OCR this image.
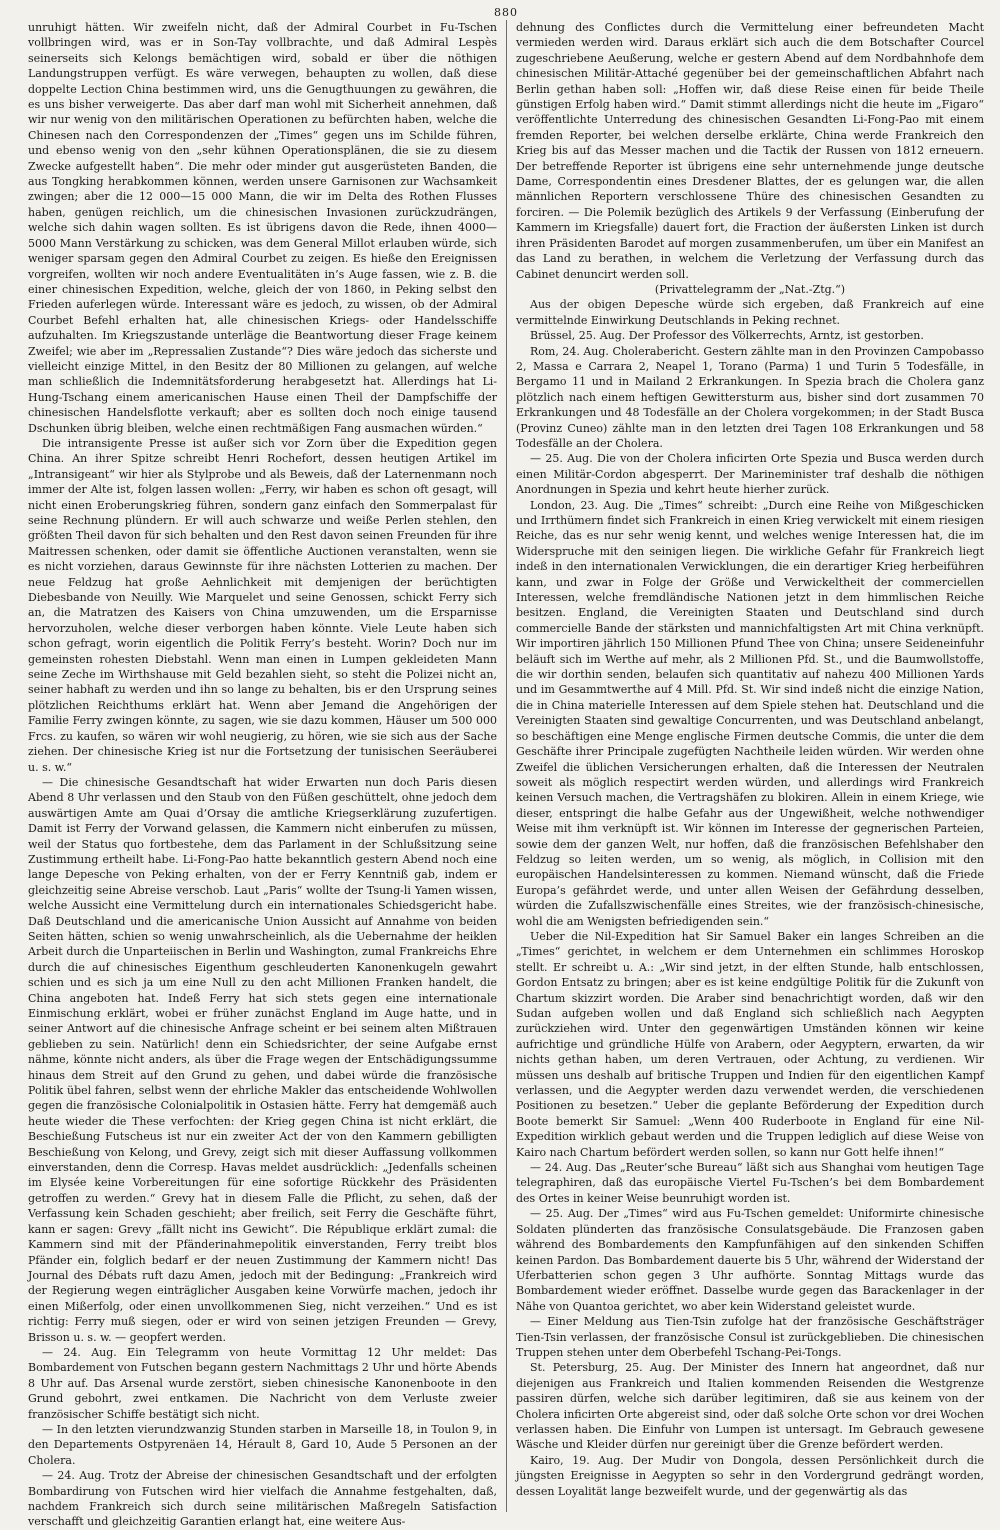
880

unruhigt hätten. Wir zweifeln nicht, daß der Admiral Courbet in Fu-Tschen vollbringen wird, was er in Son-Tay vollbrachte, und daß Admiral Lespès seinerseits sich Kelongs bemächtigen wird, sobald er über die nöthigen Landungstruppen verfügt. Es wäre verwegen, behaupten zu wollen, daß diese doppelte Lection China bestimmen wird, uns die Genugthuungen zu gewähren, die es uns bisher verweigerte. Das aber darf man wohl mit Sicherheit annehmen, daß wir nur wenig von den militärischen Operationen zu befürchten haben, welche die Chinesen nach den Correspondenzen der „Times“ gegen uns im Schilde führen, und ebenso wenig von den „sehr kühnen Operationsplänen, die sie zu diesem Zwecke aufgestellt haben“. Die mehr oder minder gut ausgerüsteten Banden, die aus Tongking herabkommen können, werden unsere Garnisonen zur Wachsamkeit zwingen; aber die 12 000—15 000 Mann, die wir im Delta des Rothen Flusses haben, genügen reichlich, um die chinesischen Invasionen zurückzudrängen, welche sich dahin wagen sollten. Es ist übrigens davon die Rede, ihnen 4000—5000 Mann Verstärkung zu schicken, was dem General Millot erlauben würde, sich weniger sparsam gegen den Admiral Courbet zu zeigen. Es hieße den Ereignissen vorgreifen, wollten wir noch andere Eventualitäten in’s Auge fassen, wie z. B. die einer chinesischen Expedition, welche, gleich der von 1860, in Peking selbst den Frieden auferlegen würde. Interessant wäre es jedoch, zu wissen, ob der Admiral Courbet Befehl erhalten hat, alle chinesischen Kriegs- oder Handelsschiffe aufzuhalten. Im Kriegszustande unterläge die Beantwortung dieser Frage keinem Zweifel; wie aber im „Repressalien Zustande“? Dies wäre jedoch das sicherste und vielleicht einzige Mittel, in den Besitz der 80 Millionen zu gelangen, auf welche man schließlich die Indemnitätsforderung herabgesetzt hat. Allerdings hat Li-Hung-Tschang einem americanischen Hause einen Theil der Dampfschiffe der chinesischen Handelsflotte verkauft; aber es sollten doch noch einige tausend Dschunken übrig bleiben, welche einen rechtmäßigen Fang ausmachen würden.“

Die intransigente Presse ist außer sich vor Zorn über die Expedition gegen China. An ihrer Spitze schreibt Henri Rochefort, dessen heutigen Artikel im „Intransigeant“ wir hier als Stylprobe und als Beweis, daß der Laternenmann noch immer der Alte ist, folgen lassen wollen: „Ferry, wir haben es schon oft gesagt, will nicht einen Eroberungskrieg führen, sondern ganz einfach den Sommerpalast für seine Rechnung plündern. Er will auch schwarze und weiße Perlen stehlen, den größten Theil davon für sich behalten und den Rest davon seinen Freunden für ihre Maitressen schenken, oder damit sie öffentliche Auctionen veranstalten, wenn sie es nicht vorziehen, daraus Gewinnste für ihre nächsten Lotterien zu machen. Der neue Feldzug hat große Aehnlichkeit mit demjenigen der berüchtigten Diebesbande von Neuilly. Wie Marquelet und seine Genossen, schickt Ferry sich an, die Matratzen des Kaisers von China umzuwenden, um die Ersparnisse hervorzuholen, welche dieser verborgen haben könnte. Viele Leute haben sich schon gefragt, worin eigentlich die Politik Ferry’s besteht. Worin? Doch nur im gemeinsten rohesten Diebstahl. Wenn man einen in Lumpen gekleideten Mann seine Zeche im Wirthshause mit Geld bezahlen sieht, so steht die Polizei nicht an, seiner habhaft zu werden und ihn so lange zu behalten, bis er den Ursprung seines plötzlichen Reichthums erklärt hat. Wenn aber Jemand die Angehörigen der Familie Ferry zwingen könnte, zu sagen, wie sie dazu kommen, Häuser um 500 000 Frcs. zu kaufen, so wären wir wohl neugierig, zu hören, wie sie sich aus der Sache ziehen. Der chinesische Krieg ist nur die Fortsetzung der tunisischen Seeräuberei u. s. w.“

— Die chinesische Gesandtschaft hat wider Erwarten nun doch Paris diesen Abend 8 Uhr verlassen und den Staub von den Füßen geschüttelt, ohne jedoch dem auswärtigen Amte am Quai d’Orsay die amtliche Kriegserklärung zuzufertigen. Damit ist Ferry der Vorwand gelassen, die Kammern nicht einberufen zu müssen, weil der Status quo fortbestehe, dem das Parlament in der Schlußsitzung seine Zustimmung ertheilt habe. Li-Fong-Pao hatte bekanntlich gestern Abend noch eine lange Depesche von Peking erhalten, von der er Ferry Kenntniß gab, indem er gleichzeitig seine Abreise verschob. Laut „Paris“ wollte der Tsung-li Yamen wissen, welche Aussicht eine Vermittelung durch ein internationales Schiedsgericht habe. Daß Deutschland und die americanische Union Aussicht auf Annahme von beiden Seiten hätten, schien so wenig unwahrscheinlich, als die Uebernahme der heiklen Arbeit durch die Unparteiischen in Berlin und Washington, zumal Frankreichs Ehre durch die auf chinesisches Eigenthum geschleuderten Kanonenkugeln gewahrt schien und es sich ja um eine Null zu den acht Millionen Franken handelt, die China angeboten hat. Indeß Ferry hat sich stets gegen eine internationale Einmischung erklärt, wobei er früher zunächst England im Auge hatte, und in seiner Antwort auf die chinesische Anfrage scheint er bei seinem alten Mißtrauen geblieben zu sein. Natürlich! denn ein Schiedsrichter, der seine Aufgabe ernst nähme, könnte nicht anders, als über die Frage wegen der Entschädigungssumme hinaus dem Streit auf den Grund zu gehen, und dabei würde die französische Politik übel fahren, selbst wenn der ehrliche Makler das entscheidende Wohlwollen gegen die französische Colonialpolitik in Ostasien hätte. Ferry hat demgemäß auch heute wieder die These verfochten: der Krieg gegen China ist nicht erklärt, die Beschießung Futscheus ist nur ein zweiter Act der von den Kammern gebilligten Beschießung von Kelong, und Grevy, zeigt sich mit dieser Auffassung vollkommen einverstanden, denn die Corresp. Havas meldet ausdrücklich: „Jedenfalls scheinen im Elysée keine Vorbereitungen für eine sofortige Rückkehr des Präsidenten getroffen zu werden.“ Grevy hat in diesem Falle die Pflicht, zu sehen, daß der Verfassung kein Schaden geschieht; aber freilich, seit Ferry die Geschäfte führt, kann er sagen: Grevy „fällt nicht ins Gewicht“. Die République erklärt zumal: die Kammern sind mit der Pfänderinahmepolitik einverstanden, Ferry treibt blos Pfänder ein, folglich bedarf er der neuen Zustimmung der Kammern nicht! Das Journal des Débats ruft dazu Amen, jedoch mit der Bedingung: „Frankreich wird der Regierung wegen einträglicher Ausgaben keine Vorwürfe machen, jedoch ihr einen Mißerfolg, oder einen unvollkommenen Sieg, nicht verzeihen.“ Und es ist richtig: Ferry muß siegen, oder er wird von seinen jetzigen Freunden — Grevy, Brisson u. s. w. — geopfert werden.

— 24. Aug. Ein Telegramm von heute Vormittag 12 Uhr meldet: Das Bombardement von Futschen begann gestern Nachmittags 2 Uhr und hörte Abends 8 Uhr auf. Das Arsenal wurde zerstört, sieben chinesische Kanonenboote in den Grund gebohrt, zwei entkamen. Die Nachricht von dem Verluste zweier französischer Schiffe bestätigt sich nicht.

— In den letzten vierundzwanzig Stunden starben in Marseille 18, in Toulon 9, in den Departements Ostpyrenäen 14, Hérault 8, Gard 10, Aude 5 Personen an der Cholera.

— 24. Aug. Trotz der Abreise der chinesischen Gesandtschaft und der erfolgten Bombardirung von Futschen wird hier vielfach die Annahme festgehalten, daß, nachdem Frankreich sich durch seine militärischen Maßregeln Satisfaction verschafft und gleichzeitig Garantien erlangt hat, eine weitere Aus-

dehnung des Conflictes durch die Vermittelung einer befreundeten Macht vermieden werden wird. Daraus erklärt sich auch die dem Botschafter Courcel zugeschriebene Aeußerung, welche er gestern Abend auf dem Nordbahnhofe dem chinesischen Militär-Attaché gegenüber bei der gemeinschaftlichen Abfahrt nach Berlin gethan haben soll: „Hoffen wir, daß diese Reise einen für beide Theile günstigen Erfolg haben wird.“ Damit stimmt allerdings nicht die heute im „Figaro“ veröffentlichte Unterredung des chinesischen Gesandten Li-Fong-Pao mit einem fremden Reporter, bei welchen derselbe erklärte, China werde Frankreich den Krieg bis auf das Messer machen und die Tactik der Russen von 1812 erneuern. Der betreffende Reporter ist übrigens eine sehr unternehmende junge deutsche Dame, Correspondentin eines Dresdener Blattes, der es gelungen war, die allen männlichen Reportern verschlossene Thüre des chinesischen Gesandten zu forciren. — Die Polemik bezüglich des Artikels 9 der Verfassung (Einberufung der Kammern im Kriegsfalle) dauert fort, die Fraction der äußersten Linken ist durch ihren Präsidenten Barodet auf morgen zusammenberufen, um über ein Manifest an das Land zu berathen, in welchem die Verletzung der Verfassung durch das Cabinet denuncirt werden soll.

(Privattelegramm der „Nat.-Ztg.“)

Aus der obigen Depesche würde sich ergeben, daß Frankreich auf eine vermittelnde Einwirkung Deutschlands in Peking rechnet.

Brüssel, 25. Aug. Der Professor des Völkerrechts, Arntz, ist gestorben.

Rom, 24. Aug. Cholerabericht. Gestern zählte man in den Provinzen Campobasso 2, Massa e Carrara 2, Neapel 1, Torano (Parma) 1 und Turin 5 Todesfälle, in Bergamo 11 und in Mailand 2 Erkrankungen. In Spezia brach die Cholera ganz plötzlich nach einem heftigen Gewittersturm aus, bisher sind dort zusammen 70 Erkrankungen und 48 Todesfälle an der Cholera vorgekommen; in der Stadt Busca (Provinz Cuneo) zählte man in den letzten drei Tagen 108 Erkrankungen und 58 Todesfälle an der Cholera.

— 25. Aug. Die von der Cholera inficirten Orte Spezia und Busca werden durch einen Militär-Cordon abgesperrt. Der Marineminister traf deshalb die nöthigen Anordnungen in Spezia und kehrt heute hierher zurück.

London, 23. Aug. Die „Times“ schreibt: „Durch eine Reihe von Mißgeschicken und Irrthümern findet sich Frankreich in einen Krieg verwickelt mit einem riesigen Reiche, das es nur sehr wenig kennt, und welches wenige Interessen hat, die im Widerspruche mit den seinigen liegen. Die wirkliche Gefahr für Frankreich liegt indeß in den internationalen Verwicklungen, die ein derartiger Krieg herbeiführen kann, und zwar in Folge der Größe und Verwickeltheit der commerciellen Interessen, welche fremdländische Nationen jetzt in dem himmlischen Reiche besitzen. England, die Vereinigten Staaten und Deutschland sind durch commercielle Bande der stärksten und mannichfaltigsten Art mit China verknüpft. Wir importiren jährlich 150 Millionen Pfund Thee von China; unsere Seideneinfuhr beläuft sich im Werthe auf mehr, als 2 Millionen Pfd. St., und die Baumwollstoffe, die wir dorthin senden, belaufen sich quantitativ auf nahezu 400 Millionen Yards und im Gesammtwerthe auf 4 Mill. Pfd. St. Wir sind indeß nicht die einzige Nation, die in China materielle Interessen auf dem Spiele stehen hat. Deutschland und die Vereinigten Staaten sind gewaltige Concurrenten, und was Deutschland anbelangt, so beschäftigen eine Menge englische Firmen deutsche Commis, die unter die dem Geschäfte ihrer Principale zugefügten Nachtheile leiden würden. Wir werden ohne Zweifel die üblichen Versicherungen erhalten, daß die Interessen der Neutralen soweit als möglich respectirt werden würden, und allerdings wird Frankreich keinen Versuch machen, die Vertragshäfen zu blokiren. Allein in einem Kriege, wie dieser, entspringt die halbe Gefahr aus der Ungewißheit, welche nothwendiger Weise mit ihm verknüpft ist. Wir können im Interesse der gegnerischen Parteien, sowie dem der ganzen Welt, nur hoffen, daß die französischen Befehlshaber den Feldzug so leiten werden, um so wenig, als möglich, in Collision mit den europäischen Handelsinteressen zu kommen. Niemand wünscht, daß die Friede Europa’s gefährdet werde, und unter allen Weisen der Gefährdung desselben, würden die Zufallszwischenfälle eines Streites, wie der französisch-chinesische, wohl die am Wenigsten befriedigenden sein.“

Ueber die Nil-Expedition hat Sir Samuel Baker ein langes Schreiben an die „Times“ gerichtet, in welchem er dem Unternehmen ein schlimmes Horoskop stellt. Er schreibt u. A.: „Wir sind jetzt, in der elften Stunde, halb entschlossen, Gordon Entsatz zu bringen; aber es ist keine endgültige Politik für die Zukunft von Chartum skizzirt worden. Die Araber sind benachrichtigt worden, daß wir den Sudan aufgeben wollen und daß England sich schließlich nach Aegypten zurückziehen wird. Unter den gegenwärtigen Umständen können wir keine aufrichtige und gründliche Hülfe von Arabern, oder Aegyptern, erwarten, da wir nichts gethan haben, um deren Vertrauen, oder Achtung, zu verdienen. Wir müssen uns deshalb auf britische Truppen und Indien für den eigentlichen Kampf verlassen, und die Aegypter werden dazu verwendet werden, die verschiedenen Positionen zu besetzen.“ Ueber die geplante Beförderung der Expedition durch Boote bemerkt Sir Samuel: „Wenn 400 Ruderboote in England für eine Nil-Expedition wirklich gebaut werden und die Truppen lediglich auf diese Weise von Kairo nach Chartum befördert werden sollen, so kann nur Gott helfe ihnen!“

— 24. Aug. Das „Reuter’sche Bureau“ läßt sich aus Shanghai vom heutigen Tage telegraphiren, daß das europäische Viertel Fu-Tschen’s bei dem Bombardement des Ortes in keiner Weise beunruhigt worden ist.

— 25. Aug. Der „Times“ wird aus Fu-Tschen gemeldet: Uniformirte chinesische Soldaten plünderten das französische Consulatsgebäude. Die Franzosen gaben während des Bombardements den Kampfunfähigen auf den sinkenden Schiffen keinen Pardon. Das Bombardement dauerte bis 5 Uhr, während der Widerstand der Uferbatterien schon gegen 3 Uhr aufhörte. Sonntag Mittags wurde das Bombardement wieder eröffnet. Dasselbe wurde gegen das Barackenlager in der Nähe von Quantoa gerichtet, wo aber kein Widerstand geleistet wurde.

— Einer Meldung aus Tien-Tsin zufolge hat der französische Geschäftsträger Tien-Tsin verlassen, der französische Consul ist zurückgeblieben. Die chinesischen Truppen stehen unter dem Oberbefehl Tschang-Pei-Tongs.

St. Petersburg, 25. Aug. Der Minister des Innern hat angeordnet, daß nur diejenigen aus Frankreich und Italien kommenden Reisenden die Westgrenze passiren dürfen, welche sich darüber legitimiren, daß sie aus keinem von der Cholera inficirten Orte abgereist sind, oder daß solche Orte schon vor drei Wochen verlassen haben. Die Einfuhr von Lumpen ist untersagt. Im Gebrauch gewesene Wäsche und Kleider dürfen nur gereinigt über die Grenze befördert werden.

Kairo, 19. Aug. Der Mudir von Dongola, dessen Persönlichkeit durch die jüngsten Ereignisse in Aegypten so sehr in den Vordergrund gedrängt worden, dessen Loyalität lange bezweifelt wurde, und der gegenwärtig als das
